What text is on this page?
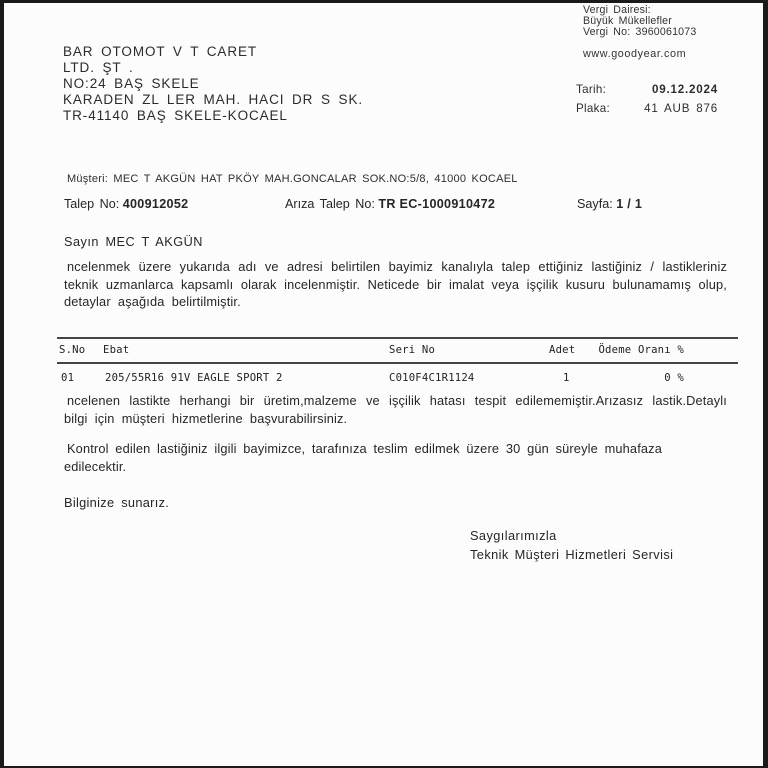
BAR OTOMOT V T CARET
LTD. ŞT .
NO:24 BAŞ SKELE
KARADEN ZL LER MAH. HACI DR S SK.
TR-41140 BAŞ SKELE-KOCAEL
Vergi Dairesi:
Büyük Mükellefler
Vergi No: 3960061073
www.goodyear.com
Tarih:	09.12.2024
Plaka:	41 AUB 876
Müşteri: MEC T AKGÜN HAT PKÖY MAH.GONCALAR SOK.NO:5/8, 41000 KOCAEL
Talep No: 400912052	Arıza Talep No: TR EC-1000910472	Sayfa: 1 / 1
Sayın MEC T AKGÜN
ncelenmek üzere yukarıda adı ve adresi belirtilen bayimiz kanalıyla talep ettiğiniz lastiğiniz / lastikleriniz teknik uzmanlarca kapsamlı olarak incelenmiştir. Neticede bir imalat veya işçilik kusuru bulunamamış olup, detaylar aşağıda belirtilmiştir.
S.No	Ebat	Seri No	Adet	Ödeme Oranı %
01	205/55R16 91V EAGLE SPORT 2	C010F4C1R1124	1	0 %
ncelenen lastikte herhangi bir üretim,malzeme ve işçilik hatası tespit edilememiştir.Arızasız lastik.Detaylı bilgi için müşteri hizmetlerine başvurabilirsiniz.
Kontrol edilen lastiğiniz ilgili bayimizce, tarafınıza teslim edilmek üzere 30 gün süreyle muhafaza edilecektir.
Bilginize sunarız.
Saygılarımızla
Teknik Müşteri Hizmetleri Servisi
